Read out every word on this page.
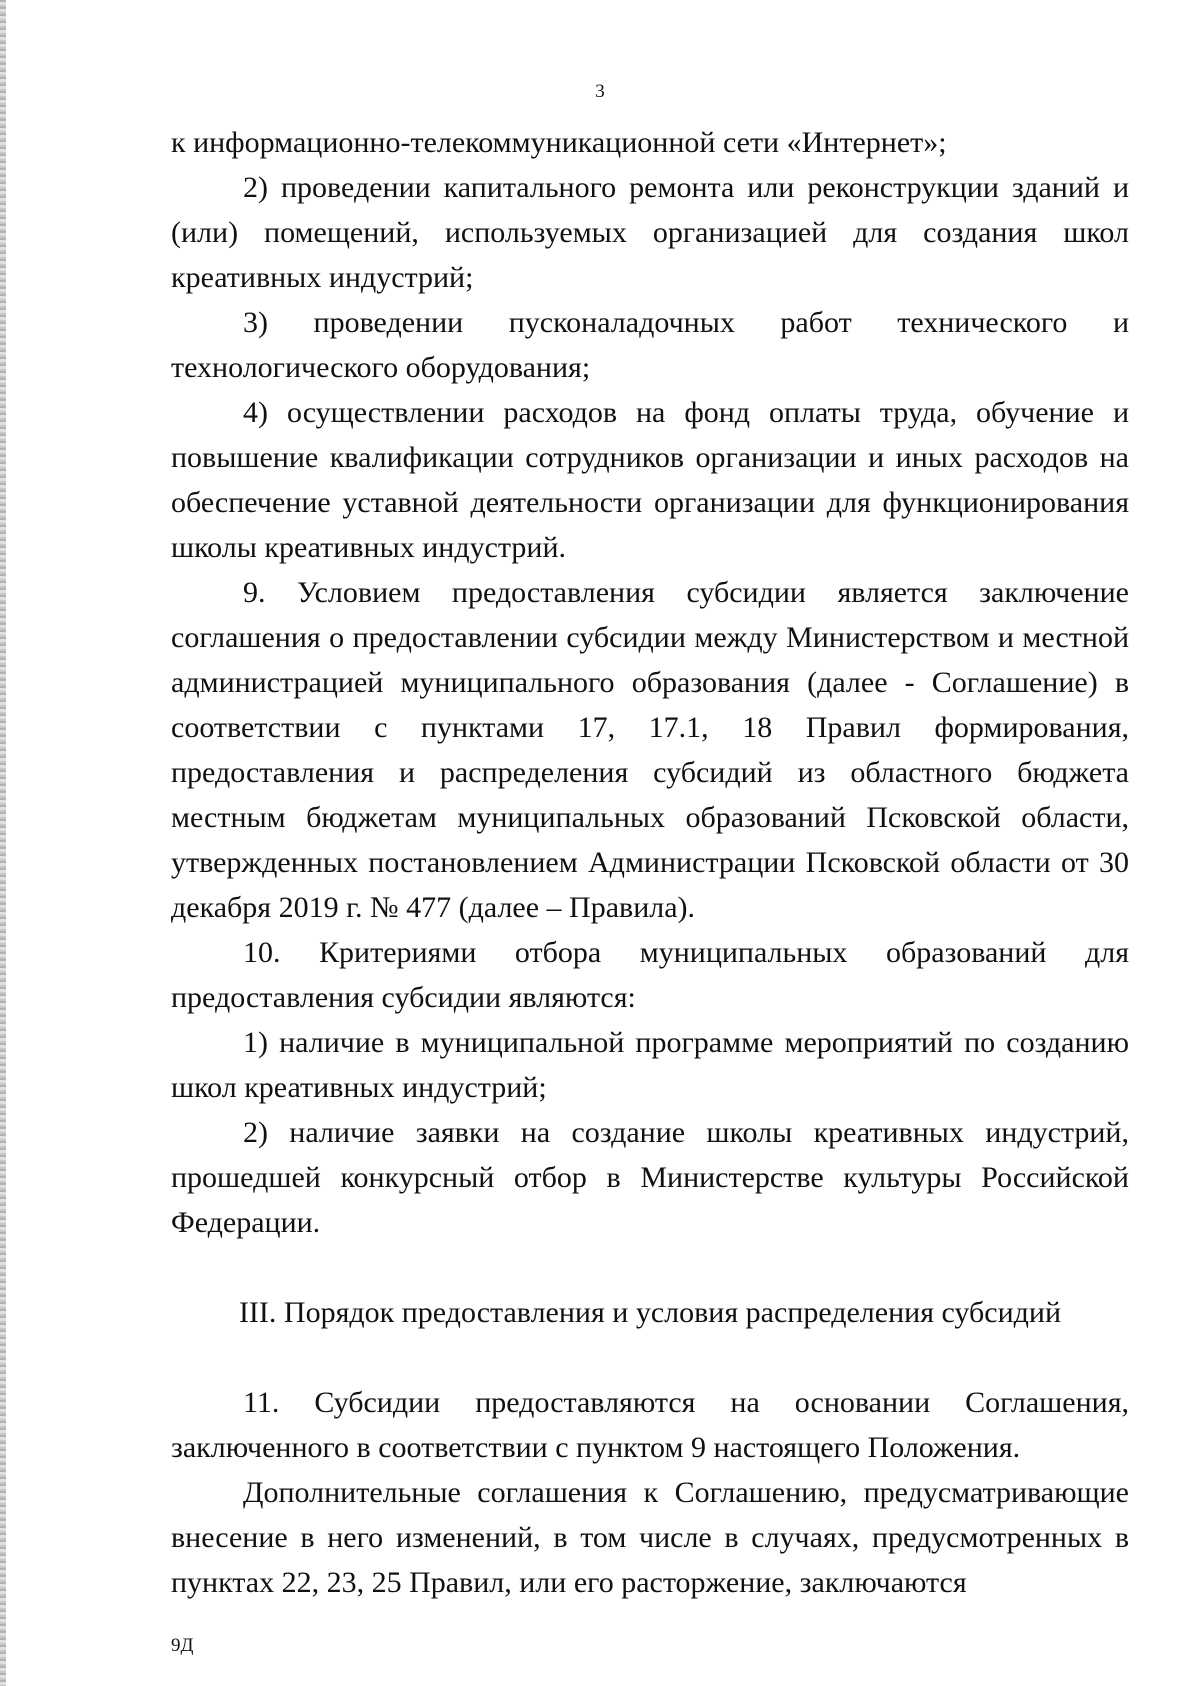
3

к информационно-телекоммуникационной сети «Интернет»;

2) проведении капитального ремонта или реконструкции зданий и (или) помещений, используемых организацией для создания школ креативных индустрий;

3) проведении пусконаладочных работ технического и технологического оборудования;

4) осуществлении расходов на фонд оплаты труда, обучение и повышение квалификации сотрудников организации и иных расходов на обеспечение уставной деятельности организации для функционирования школы креативных индустрий.

9. Условием предоставления субсидии является заключение соглашения о предоставлении субсидии между Министерством и местной администрацией муниципального образования (далее - Соглашение) в соответствии с пунктами 17, 17.1, 18 Правил формирования, предоставления и распределения субсидий из областного бюджета местным бюджетам муниципальных образований Псковской области, утвержденных постановлением Администрации Псковской области от 30 декабря 2019 г. № 477 (далее – Правила).

10. Критериями отбора муниципальных образований для предоставления субсидии являются:

1) наличие в муниципальной программе мероприятий по созданию школ креативных индустрий;

2) наличие заявки на создание школы креативных индустрий, прошедшей конкурсный отбор в Министерстве культуры Российской Федерации.

III. Порядок предоставления и условия распределения субсидий

11. Субсидии предоставляются на основании Соглашения, заключенного в соответствии с пунктом 9 настоящего Положения.

Дополнительные соглашения к Соглашению, предусматривающие внесение в него изменений, в том числе в случаях, предусмотренных в пунктах 22, 23, 25 Правил, или его расторжение, заключаются

9Д
